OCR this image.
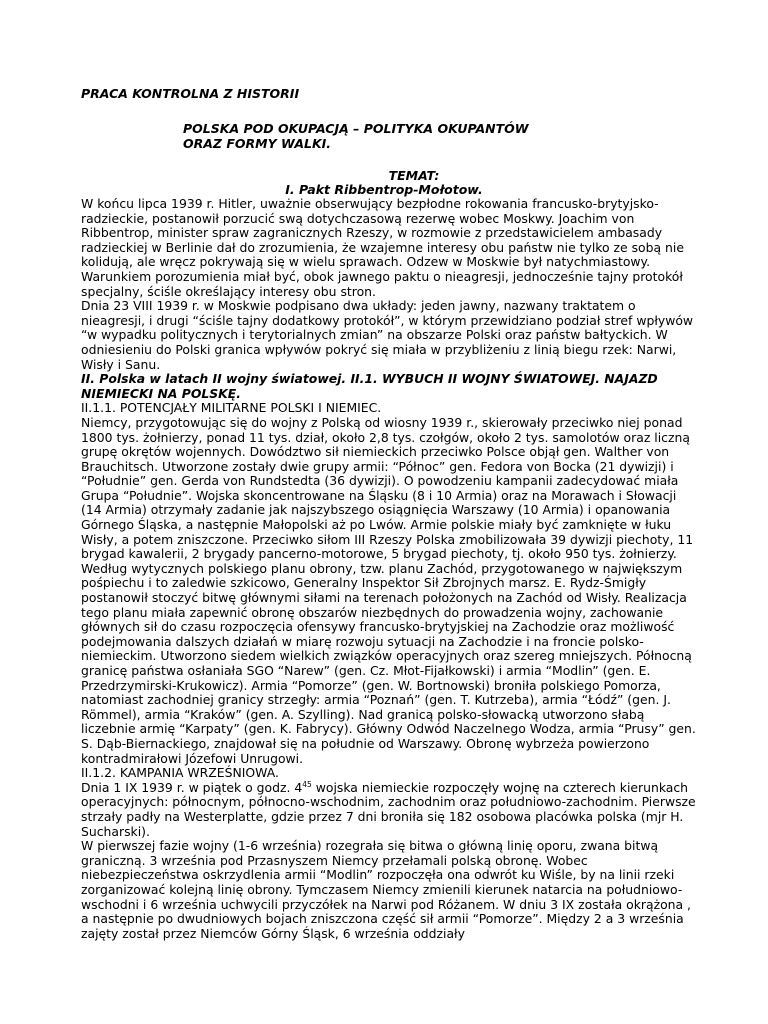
PRACA KONTROLNA Z HISTORII
POLSKA POD OKUPACJĄ – POLITYKA OKUPANTÓW
ORAZ FORMY WALKI.
TEMAT:
I. Pakt Ribbentrop-Mołotow.

W końcu lipca 1939 r. Hitler, uważnie obserwujący bezpłodne rokowania francusko-brytyjsko-radzieckie, postanowił porzucić swą dotychczasową rezerwę wobec Moskwy. Joachim von Ribbentrop, minister spraw zagranicznych Rzeszy, w rozmowie z przedstawicielem ambasady radzieckiej w Berlinie dał do zrozumienia, że wzajemne interesy obu państw nie tylko ze sobą nie kolidują, ale wręcz pokrywają się w wielu sprawach. Odzew w Moskwie był natychmiastowy. Warunkiem porozumienia miał być, obok jawnego paktu o nieagresji, jednocześnie tajny protokół specjalny, ściśle określający interesy obu stron.

Dnia 23 VIII 1939 r. w Moskwie podpisano dwa układy: jeden jawny, nazwany traktatem o nieagresji, i drugi “ściśle tajny dodatkowy protokół”, w którym przewidziano podział stref wpływów “w wypadku politycznych i terytorialnych zmian” na obszarze Polski oraz państw bałtyckich. W odniesieniu do Polski granica wpływów pokryć się miała w przybliżeniu z linią biegu rzek: Narwi, Wisły i Sanu.

II. Polska w latach II wojny światowej. II.1. WYBUCH II WOJNY ŚWIATOWEJ. NAJAZD NIEMIECKI NA POLSKĘ.

II.1.1. POTENCJAŁY MILITARNE POLSKI I NIEMIEC.

Niemcy, przygotowując się do wojny z Polską od wiosny 1939 r., skierowały przeciwko niej ponad 1800 tys. żołnierzy, ponad 11 tys. dział, około 2,8 tys. czołgów, około 2 tys. samolotów oraz liczną grupę okrętów wojennych. Dowództwo sił niemieckich przeciwko Polsce objął gen. Walther von Brauchitsch. Utworzone zostały dwie grupy armii: “Północ” gen. Fedora von Bocka (21 dywizji) i “Południe” gen. Gerda von Rundstedta (36 dywizji). O powodzeniu kampanii zadecydować miała Grupa “Południe”. Wojska skoncentrowane na Śląsku (8 i 10 Armia) oraz na Morawach i Słowacji (14 Armia) otrzymały zadanie jak najszybszego osiągnięcia Warszawy (10 Armia) i opanowania Górnego Śląska, a następnie Małopolski aż po Lwów. Armie polskie miały być zamknięte w łuku Wisły, a potem zniszczone. Przeciwko siłom III Rzeszy Polska zmobilizowała 39 dywizji piechoty, 11 brygad kawalerii, 2 brygady pancerno-motorowe, 5 brygad piechoty, tj. około 950 tys. żołnierzy. Według wytycznych polskiego planu obrony, tzw. planu Zachód, przygotowanego w największym pośpiechu i to zaledwie szkicowo, Generalny Inspektor Sił Zbrojnych marsz. E. Rydz-Śmigły postanowił stoczyć bitwę głównymi siłami na terenach położonych na Zachód od Wisły. Realizacja tego planu miała zapewnić obronę obszarów niezbędnych do prowadzenia wojny, zachowanie głównych sił do czasu rozpoczęcia ofensywy francusko-brytyjskiej na Zachodzie oraz możliwość podejmowania dalszych działań w miarę rozwoju sytuacji na Zachodzie i na froncie polsko-niemieckim. Utworzono siedem wielkich związków operacyjnych oraz szereg mniejszych. Północną granicę państwa osłaniała SGO “Narew” (gen. Cz. Młot-Fijałkowski) i armia “Modlin” (gen. E. Przedrzymirski-Krukowicz). Armia “Pomorze” (gen. W. Bortnowski) broniła polskiego Pomorza, natomiast zachodniej granicy strzegły: armia “Poznań” (gen. T. Kutrzeba), armia “Łódź” (gen. J. Römmel), armia “Kraków” (gen. A. Szylling). Nad granicą polsko-słowacką utworzono słabą liczebnie armię “Karpaty” (gen. K. Fabrycy). Główny Odwód Naczelnego Wodza, armia “Prusy” gen. S. Dąb-Biernackiego, znajdował się na południe od Warszawy. Obronę wybrzeża powierzono kontradmirałowi Józefowi Unrugowi.

II.1.2. KAMPANIA WRZEŚNIOWA.

Dnia 1 IX 1939 r. w piątek o godz. $4^{45}$ wojska niemieckie rozpoczęły wojnę na czterech kierunkach operacyjnych: północnym, północno-wschodnim, zachodnim oraz południowo-zachodnim. Pierwsze strzały padły na Westerplatte, gdzie przez 7 dni broniła się 182 osobowa placówka polska (mjr H. Sucharski).

W pierwszej fazie wojny (1-6 września) rozegrała się bitwa o główną linię oporu, zwana bitwą graniczną. 3 września pod Przasnyszem Niemcy przełamali polską obronę. Wobec niebezpieczeństwa oskrzydlenia armii “Modlin” rozpoczęła ona odwrót ku Wiśle, by na linii rzeki zorganizować kolejną linię obrony. Tymczasem Niemcy zmienili kierunek natarcia na południowo-wschodni i 6 września uchwycili przyczółek na Narwi pod Różanem. W dniu 3 IX została okrążona , a następnie po dwudniowych bojach zniszczona część sił armii “Pomorze”. Między 2 a 3 września zajęty został przez Niemców Górny Śląsk, 6 września oddziały
